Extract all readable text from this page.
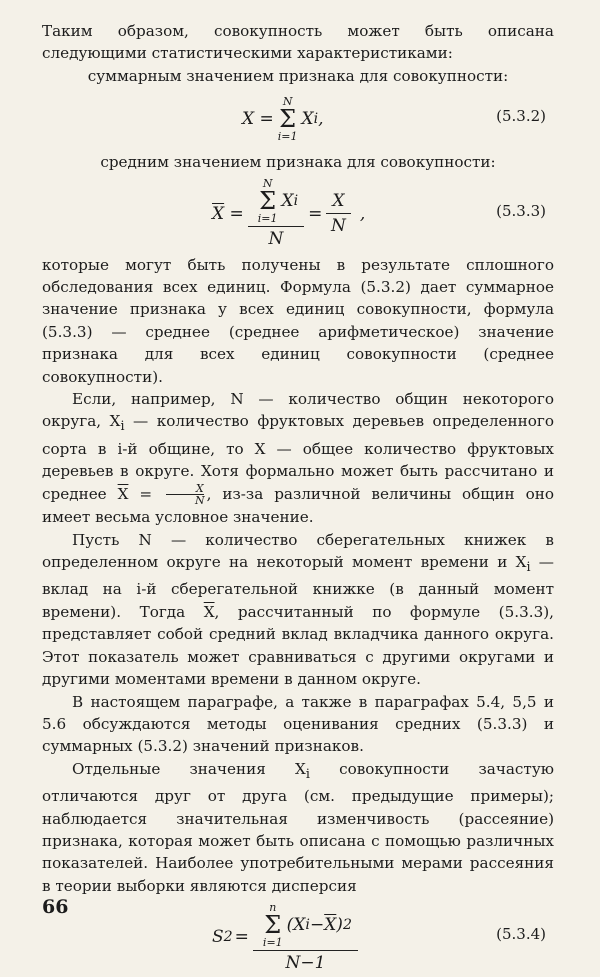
Таким образом, совокупность может быть описана следующими статистическими характеристиками:

суммарным значением признака для совокупности:

X =
N
Σ
i=1
X i ,	(5.3.2)

средним значением признака для совокупности:

$\overline{X} = N$
Σ
i=1
X i
$N = \frac{X}{N}$ ,	(5.3.3)

которые могут быть получены в результате сплошного обследования всех единиц. Формула (5.3.2) дает суммарное значение признака у всех единиц совокупности, формула (5.3.3) — среднее (среднее арифметическое) значение признака для всех единиц совокупности (среднее совокупности).

Если, например, N — количество общин некоторого округа, $X_i$ — количество фруктовых деревьев определенного сорта в i-й общине, то X — общее количество фруктовых деревьев в округе. Хотя формально может быть рассчитано и среднее $\overline{X} = \frac{X}{N}$ , из-за различной величины общин оно имеет весьма условное значение.

Пусть N — количество сберегательных книжек в определенном округе на некоторый момент времени и $X_i$ — вклад на i-й сберегательной книжке (в данный момент времени). Тогда $\overline{X}$, рассчитанный по формуле (5.3.3), представляет собой средний вклад вкладчика данного округа. Этот показатель может сравниваться с другими округами и другими моментами времени в данном округе.

В настоящем параграфе, а также в параграфах 5.4, 5,5 и 5.6 обсуждаются методы оценивания средних (5.3.3) и суммарных (5.3.2) значений признаков.

Отдельные значения $X_i$ совокупности зачастую отличаются друг от друга (см. предыдущие примеры); наблюдается значительная изменчивость (рассеяние) признака, которая может быть описана с помощью различных показателей. Наиболее употребительными мерами рассеяния в теории выборки являются дисперсия

S 2 =
n
Σ
i=1
(X $i - \overline{X}$ ) 2
N−1
(5.3.4)
66
